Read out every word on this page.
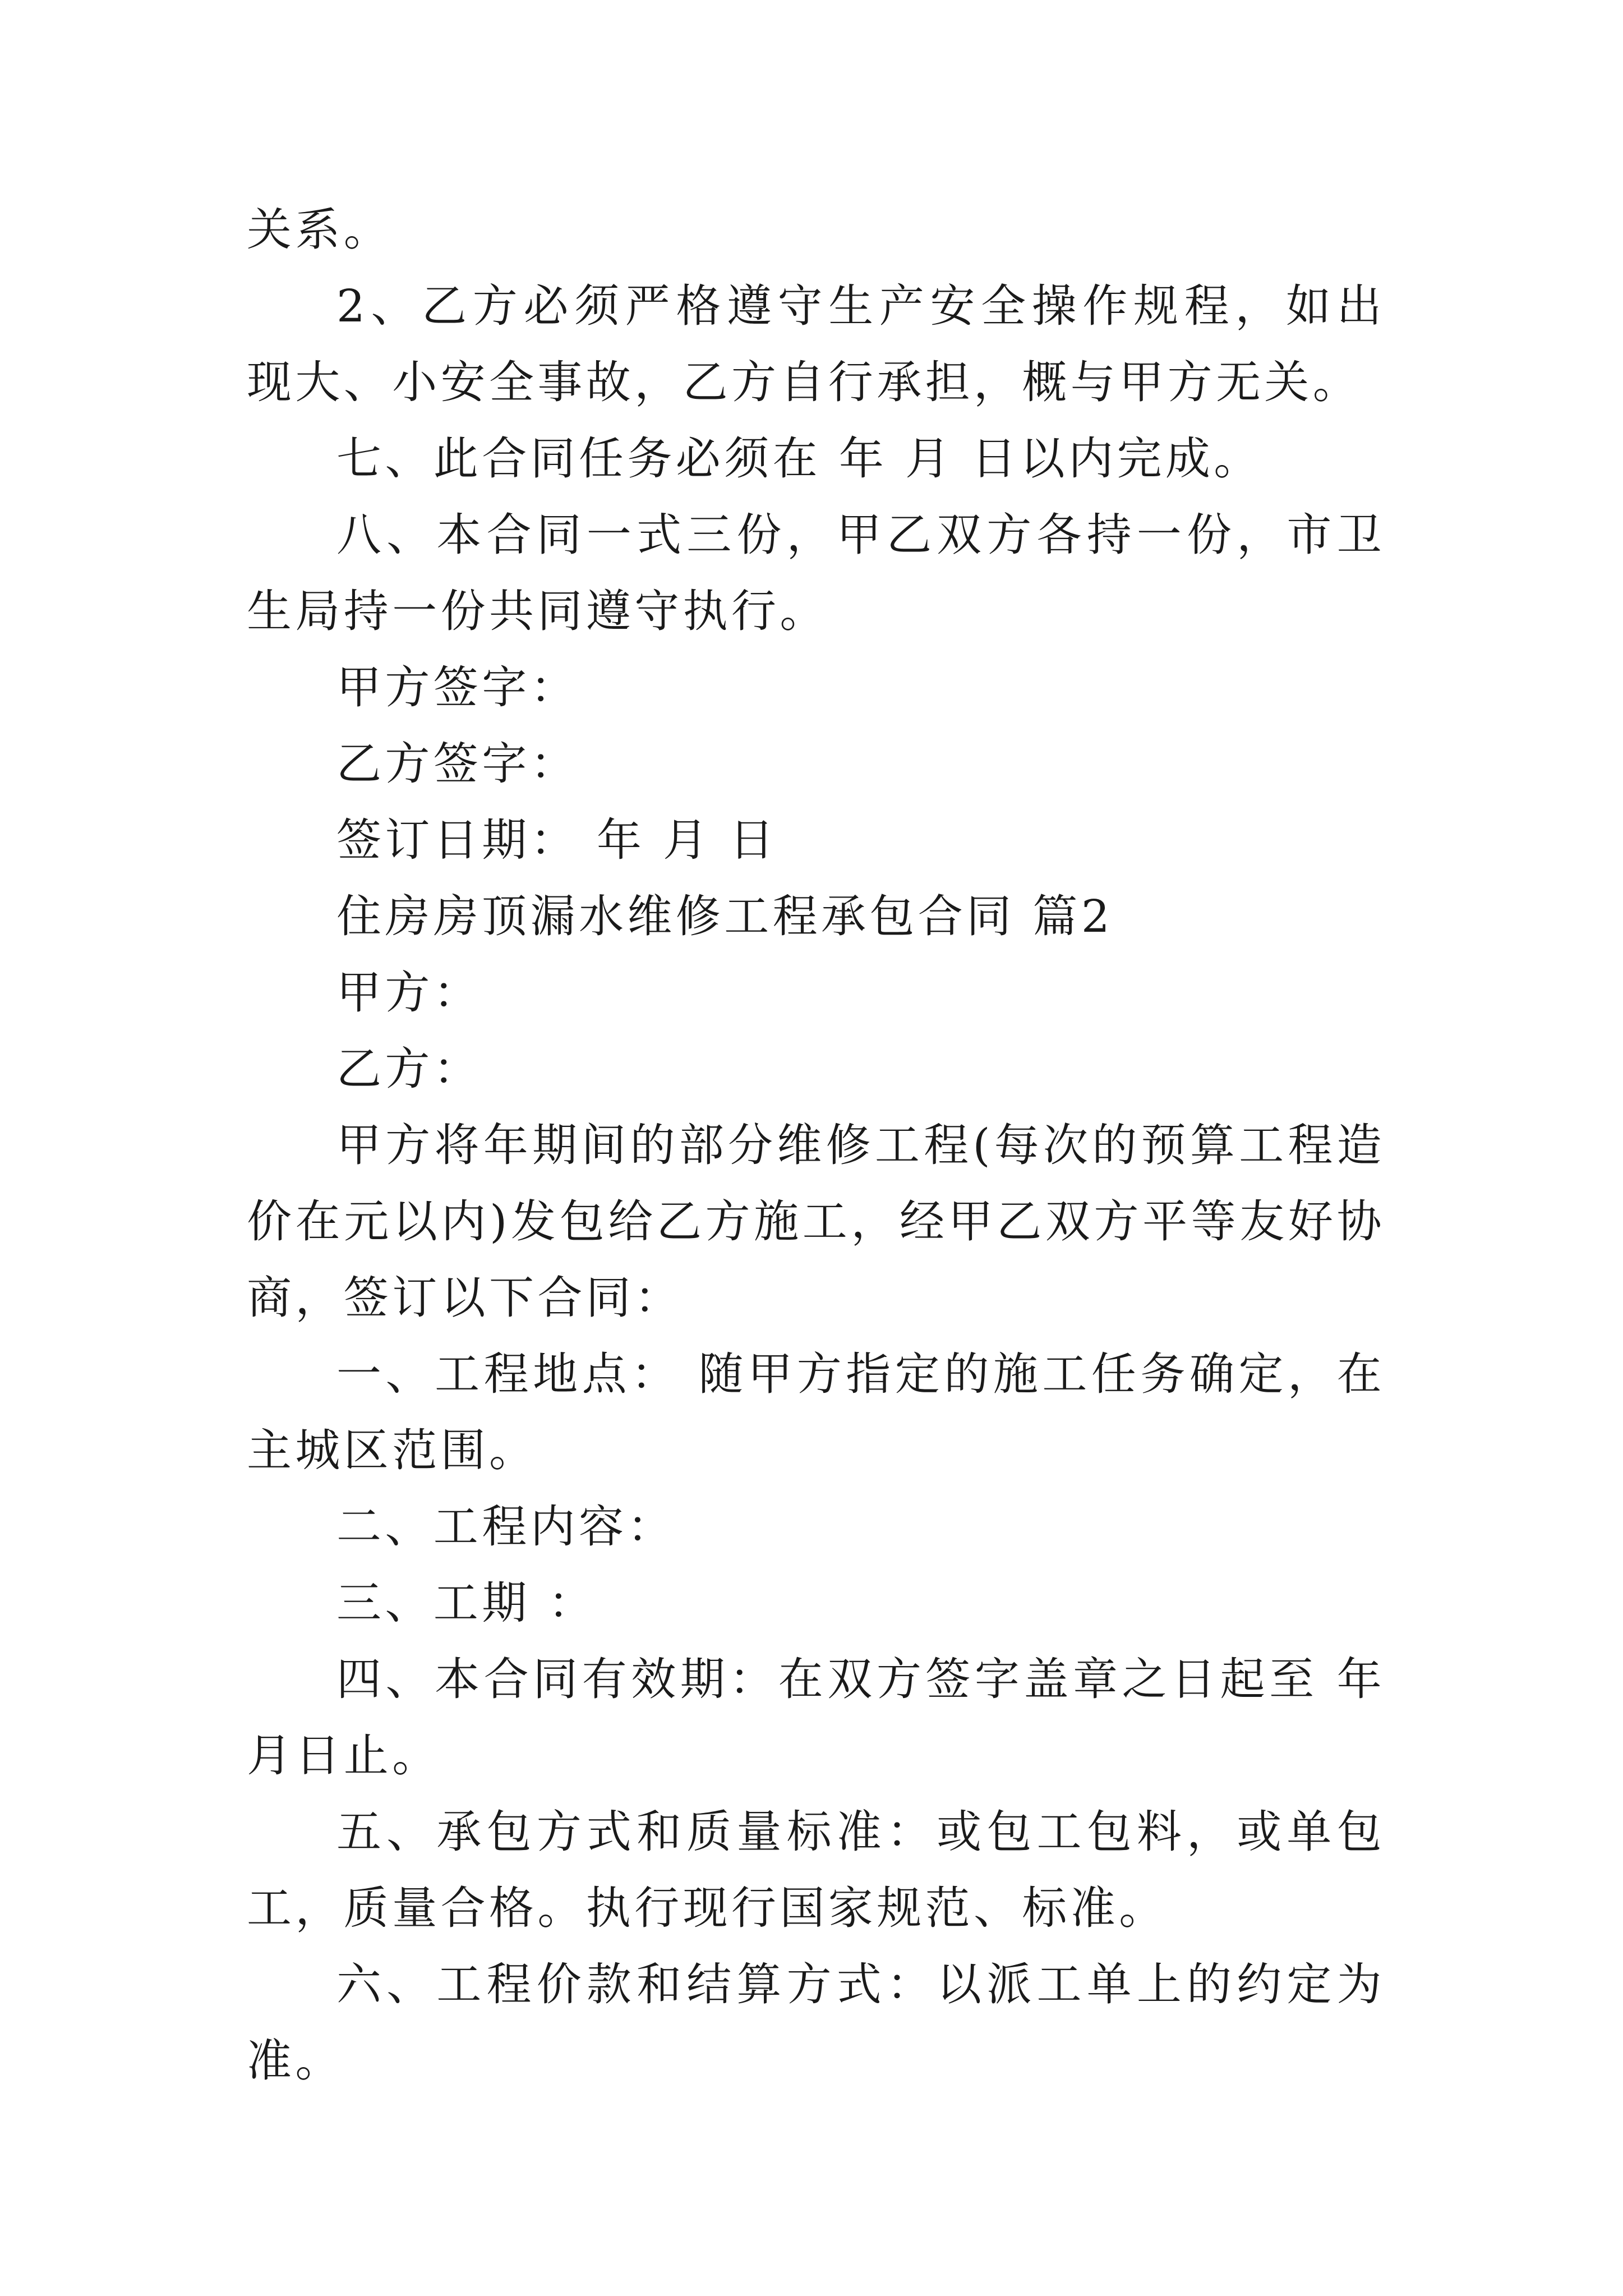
关系。

2、乙方必须严格遵守生产安全操作规程，如出现大、小安全事故，乙方自行承担，概与甲方无关。

七、此合同任务必须在 年 月 日以内完成。

八、本合同一式三份，甲乙双方各持一份，市卫生局持一份共同遵守执行。

甲方签字：

乙方签字：

签订日期： 年 月 日

住房房顶漏水维修工程承包合同 篇2

甲方：

乙方：

甲方将年期间的部分维修工程(每次的预算工程造价在元以内)发包给乙方施工，经甲乙双方平等友好协商，签订以下合同：

一、工程地点： 随甲方指定的施工任务确定，在主城区范围。

二、工程内容：

三、工期 ：

四、本合同有效期：在双方签字盖章之日起至 年 月日止。

五、承包方式和质量标准：或包工包料，或单包工，质量合格。执行现行国家规范、标准。

六、工程价款和结算方式：以派工单上的约定为准。
